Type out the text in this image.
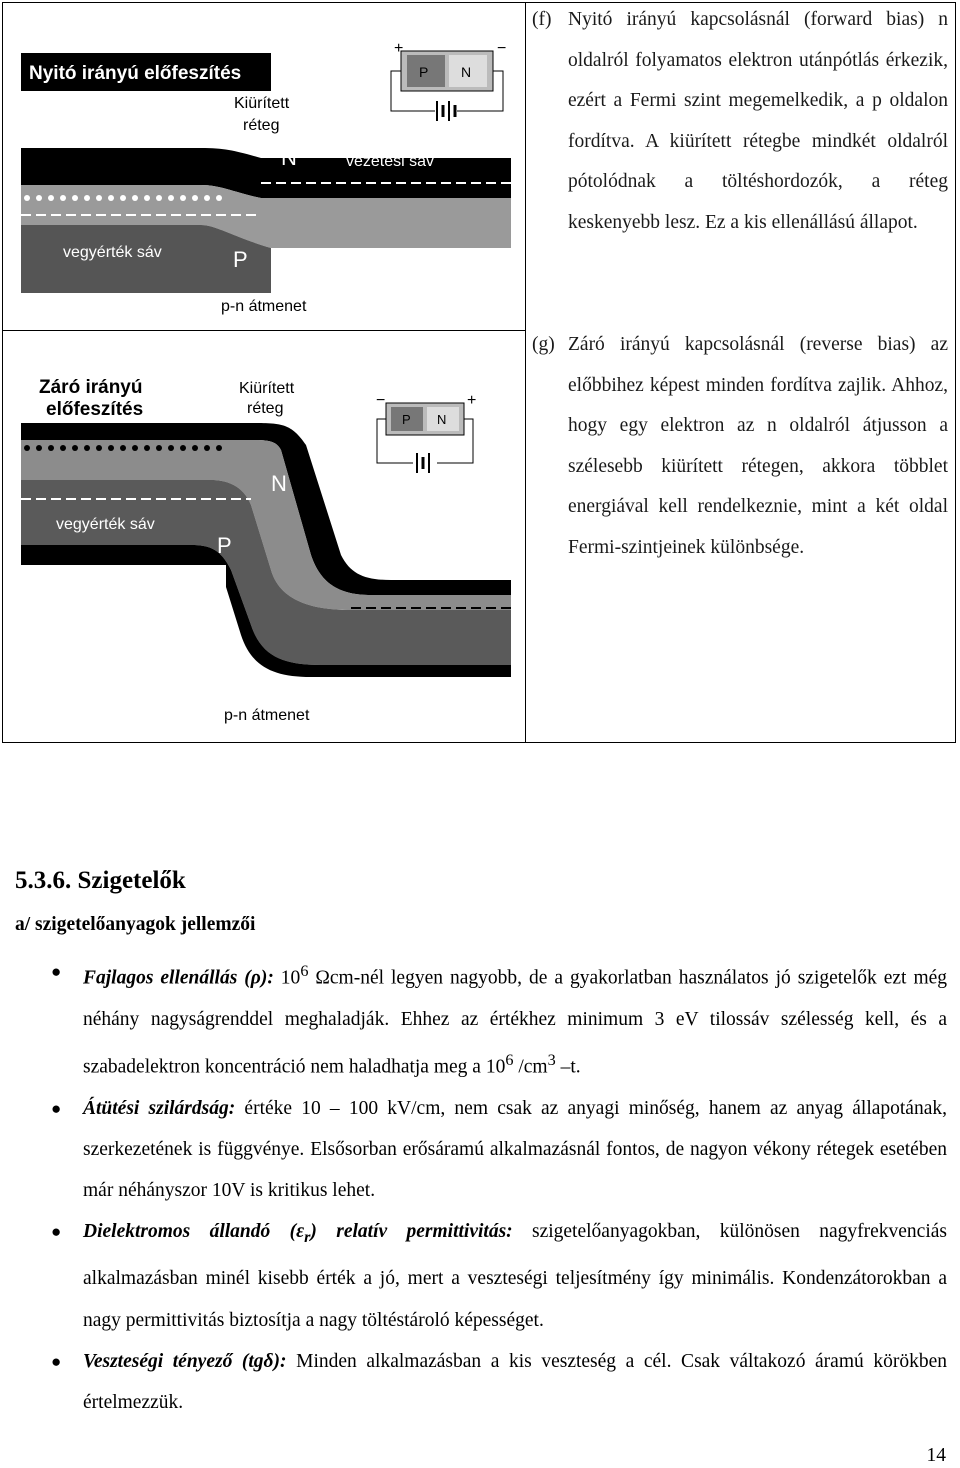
Nyitó irányú előfeszítés
Kiürített
réteg
N	vezetési sáv
vegyérték sáv	P
p-n átmenet
P N
+	−
Záró irányú
előfeszítés
Kiürített
réteg
N
vegyérték sáv
P
vezetési sáv
p-n átmenet
P N
−	+
(f) Nyitó irányú kapcsolásnál (forward bias) n oldalról folyamatos elektron utánpótlás érkezik, ezért a Fermi szint megemelkedik, a p oldalon fordítva. A kiürített rétegbe mindkét oldalról pótolódnak a töltéshordozók, a réteg keskenyebb lesz. Ez a kis ellenállású állapot.
(g) Záró irányú kapcsolásnál (reverse bias) az előbbihez képest minden fordítva zajlik. Ahhoz, hogy egy elektron az n oldalról átjusson a szélesebb kiürített rétegen, akkora többlet energiával kell rendelkeznie, mint a két oldal Fermi-szintjeinek különbsége.
5.3.6. Szigetelők
a/ szigetelőanyagok jellemzői
● Fajlagos ellenállás (ρ): $10^6$ Ωcm-nél legyen nagyobb, de a gyakorlatban használatos jó szigetelők ezt még néhány nagyságrenddel meghaladják. Ehhez az értékhez minimum 3 eV tilossáv szélesség kell, és a szabadelektron koncentráció nem haladhatja meg a $10^6$ $/cm^3$ –t.
● Átütési szilárdság: értéke 10 – 100 kV/cm, nem csak az anyagi minőség, hanem az anyag állapotának, szerkezetének is függvénye. Elsősorban erősáramú alkalmazásnál fontos, de nagyon vékony rétegek esetében már néhányszor 10V is kritikus lehet.
● Dielektromos állandó $(\varepsilon_r)$ relatív permittivitás: szigetelőanyagokban, különösen nagyfrekvenciás alkalmazásban minél kisebb érték a jó, mert a veszteségi teljesítmény így minimális. Kondenzátorokban a nagy permittivitás biztosítja a nagy töltéstároló képességet.
● Veszteségi tényező (tgδ): Minden alkalmazásban a kis veszteség a cél. Csak váltakozó áramú körökben értelmezzük.
14
